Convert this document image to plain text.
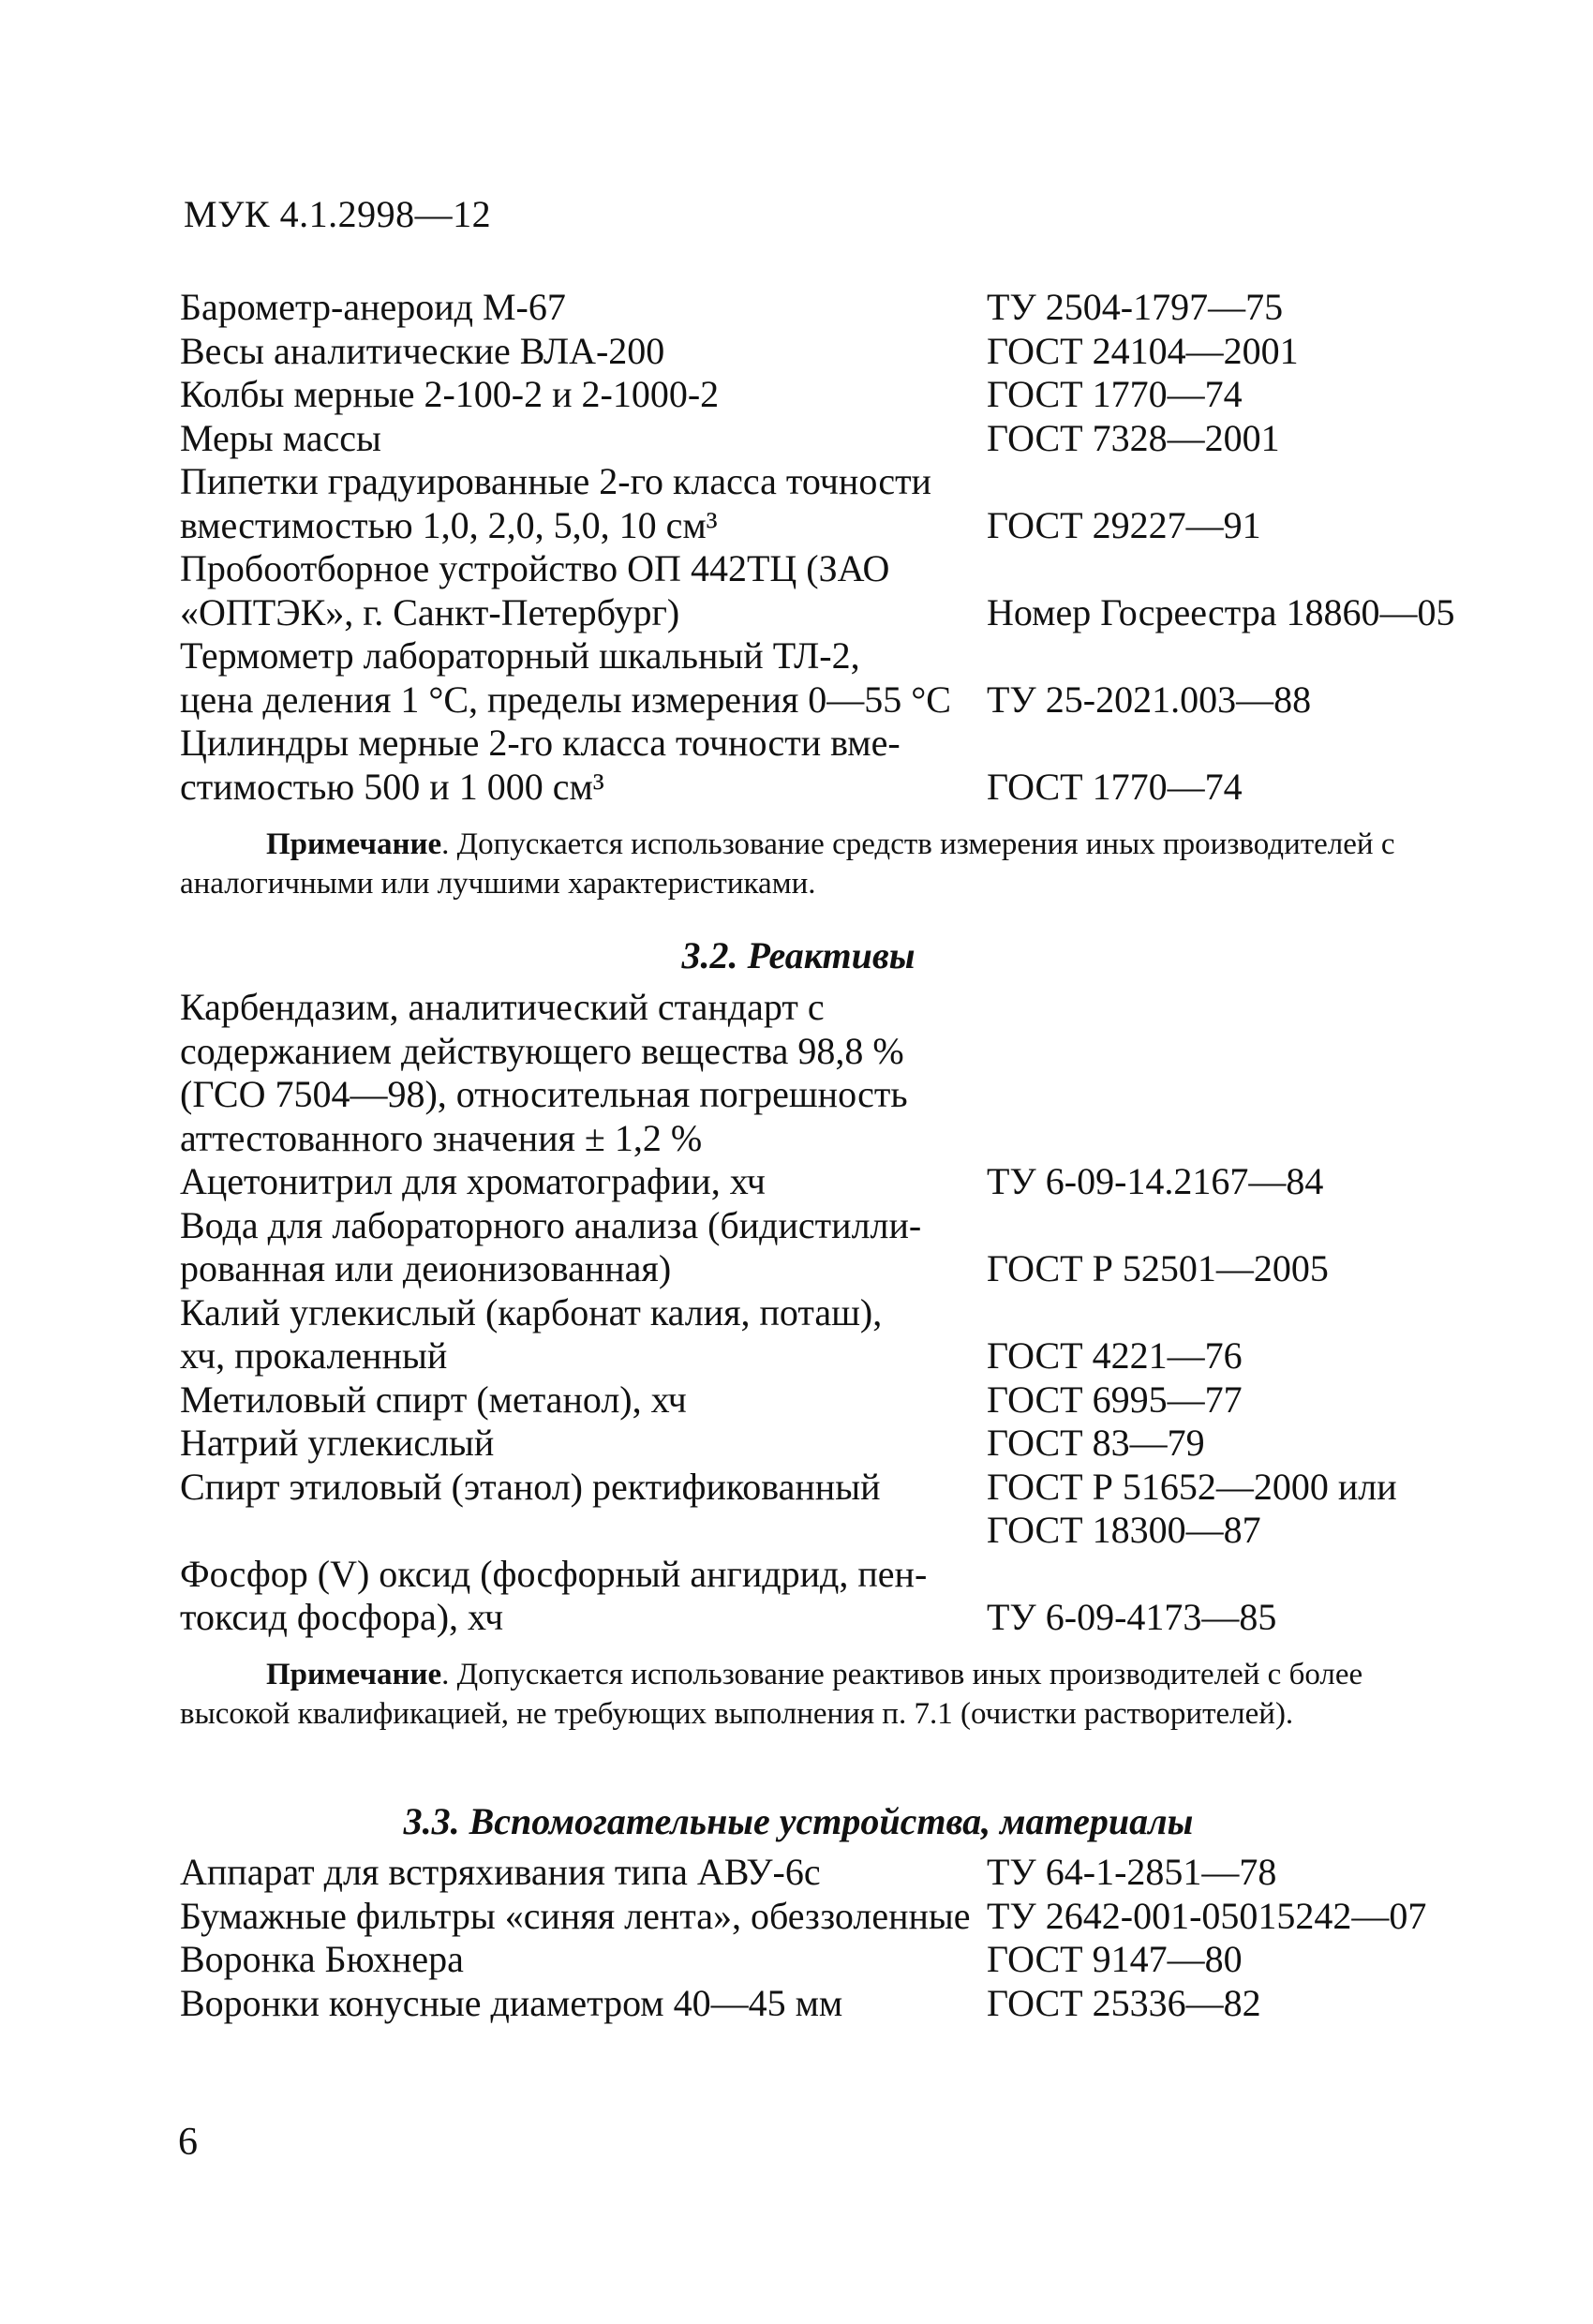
МУК 4.1.2998—12
Барометр-анероид М-67	ТУ 2504-1797—75
Весы аналитические ВЛА-200	ГОСТ 24104—2001
Колбы мерные 2-100-2 и 2-1000-2	ГОСТ 1770—74
Меры массы	ГОСТ 7328—2001
Пипетки градуированные 2-го класса точности
вместимостью 1,0, 2,0, 5,0, 10 см³	ГОСТ 29227—91
Пробоотборное устройство ОП 442ТЦ (ЗАО
«ОПТЭК», г. Санкт-Петербург)	Номер Госреестра 18860—05
Термометр лабораторный шкальный ТЛ-2,
цена деления 1 °С, пределы измерения 0—55 °С ТУ 25-2021.003—88
Цилиндры мерные 2-го класса точности вме-
стимостью 500 и 1 000 см³	ГОСТ 1770—74
Примечание. Допускается использование средств измерения иных производителей с аналогичными или лучшими характеристиками.
3.2. Реактивы
Карбендазим, аналитический стандарт с
содержанием действующего вещества 98,8 %
(ГСО 7504—98), относительная погрешность
аттестованного значения ± 1,2 %
Ацетонитрил для хроматографии, хч	ТУ 6-09-14.2167—84
Вода для лабораторного анализа (бидистилли-
рованная или деионизованная)	ГОСТ Р 52501—2005
Калий углекислый (карбонат калия, поташ),
хч, прокаленный	ГОСТ 4221—76
Метиловый спирт (метанол), хч	ГОСТ 6995—77
Натрий углекислый	ГОСТ 83—79
Спирт этиловый (этанол) ректификованный
	ГОСТ Р 51652—2000 или
ГОСТ 18300—87
Фосфор (V) оксид (фосфорный ангидрид, пен-
токсид фосфора), хч	ТУ 6-09-4173—85
Примечание. Допускается использование реактивов иных производителей с более высокой квалификацией, не требующих выполнения п. 7.1 (очистки растворителей).
3.3. Вспомогательные устройства, материалы
Аппарат для встряхивания типа АВУ-6с	ТУ 64-1-2851—78
Бумажные фильтры «синяя лента», обеззоленные ТУ 2642-001-05015242—07
Воронка Бюхнера	ГОСТ 9147—80
Воронки конусные диаметром 40—45 мм	ГОСТ 25336—82
6
